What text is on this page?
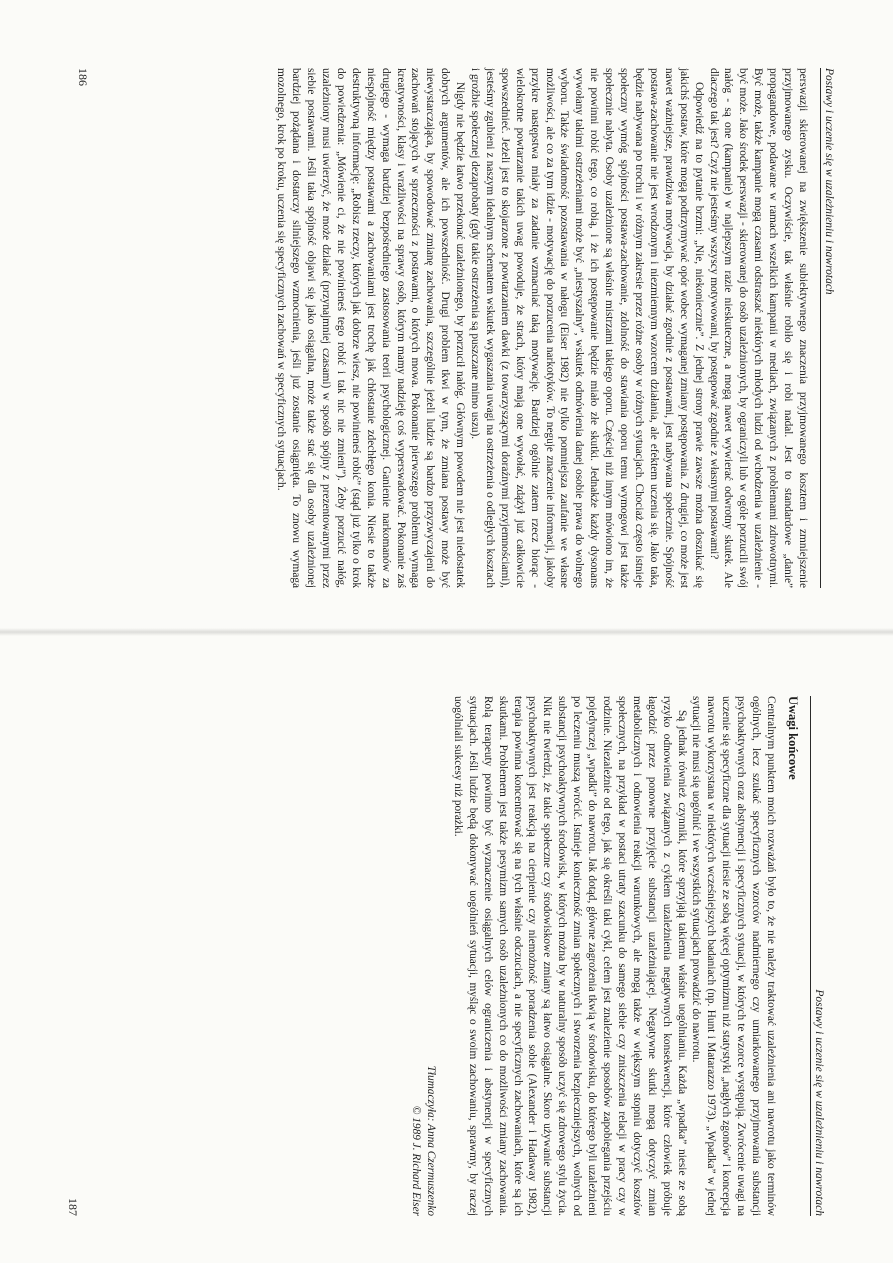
Postawy i uczenie się w uzależnieniu i nawrotach

perswazji skierowanej na zwiększenie subiektywnego znaczenia przyjmowanego kosztem i zmniejszenie przyjmowanego zysku. Oczywiście, tak właśnie robiło się i robi nadal. Jest to standardowe „danie” propagandowe, podawane w ramach wszelkich kampanii w mediach, związanych z problemami zdrowotnymi. Być może, także kampanie mogą czasami odstraszać niektórych młodych ludzi od wchodzenia w uzależnienie - być może. Jako środek perswazji - skierowanej do osób uzależnionych, by ograniczyli lub w ogóle porzucili swój nałóg - są one (kampanie) w najlepszym razie nieskuteczne, a mogą nawet wywierać odwrotny skutek. Ale dlaczego tak jest? Czyż nie jesteśmy wszyscy motywowani, by postępować zgodnie z własnymi postawami?

Odpowiedź na to pytanie brzmi: „Nie, niekoniecznie”. Z jednej strony prawie zawsze można doszukać się jakichś postaw, które mogą podtrzymywać opór wobec wymaganej zmiany postępowania. Z drugiej, co może jest nawet ważniejsze, prawdziwa motywacja, by działać zgodnie z postawami, jest nabywana społecznie. Spójność postawa-zachowanie nie jest wrodzonym i niezmiennym wzorcem działania, ale efektem uczenia się. Jako taka, będzie nabywana po trochu i w różnym zakresie przez różne osoby w różnych sytuacjach. Chociaż często istnieje społeczny wymóg spójności postawa-zachowanie, zdolność do stawiania oporu temu wymogowi jest także społecznie nabyta. Osoby uzależnione są właśnie mistrzami takiego oporu. Częściej niż innym mówiono im, że nie powinni robić tego, co robią, i że ich postępowanie będzie miało złe skutki. Jednakże każdy dysonans wywołany takimi ostrzeżeniami może być „niestyszalny”, wskutek odmówienia danej osobie prawa do wolnego wyboru. Także świadomość pozostawania w nałogu (Eiser 1982) nie tylko pomniejsza zaufanie we własne możliwości, ale co za tym idzie - motywację do porzucenia narkotyków. To neguje znaczenie informacji, jakoby przykre następstwa miały za zadanie wzmacniać taką motywację. Bardziej ogólnie zatem rzecz biorąc - wielokrotne powtarzanie takich uwag powoduje, że strach, który mają one wywołać, zdążył już całkowicie spowszednieć. Jeżeli jest to skojarzone z powtarzaniem dawki (z towarzyszącymi doraźnymi przyjemnościami), jesteśmy zgubieni z naszym idealnym schematem wskutek wygaszania uwagi na ostrzeżenia o odległych kosztach i groźbie społecznej dezaprobaty (gdy takie ostrzeżenia są puszczane mimo uszu).

Nigdy nie będzie łatwo przekonać uzależnionego, by porzucił nałóg. Głównym powodem nie jest niedostatek dobrych argumentów, ale ich powszedniość. Drugi problem tkwi w tym, że zmiana postawy może być niewystarczająca, by spowodować zmianę zachowania, szczególnie jeżeli ludzie są bardzo przyzwyczajeni do zachowań stojących w sprzeczności z postawami, o których mowa. Pokonanie pierwszego problemu wymaga kreatywności, klasy i wrażliwości na sprawy osób, którym mamy nadzieję coś wyperswadować. Pokonanie zaś drugiego - wymaga bardziej bezpośredniego zastosowania teorii psychologicznej. Ganienie narkomanów za niespójność między postawami a zachowaniami jest trochę jak chłostanie zdechłego konia. Niesie to także destruktywną informację: „Robisz rzeczy, których jak dobrze wiesz, nie powinieneś robić” (stąd już tylko o krok do powiedzenia: „Mówienie ci, że nie powinieneś tego robić i tak nic nie zmieni”). Żeby porzucić nałóg, uzależniony musi uwierzyć, że może działać (przynajmniej czasami) w sposób spójny z prezentowanymi przez siebie postawami. Jeśli taka spójność objawi się jako osiągalna, może także stać się dla osoby uzależnionej bardziej pożądana i dostarczy silniejszego wzmocnienia, jeśli już zostanie osiągnięta. To znowu wymaga mozolnego, krok po kroku, uczenia się specyficznych zachowań w specyficznych sytuacjach.

186
Postawy i uczenie się w uzależnieniu i nawrotach
Uwagi końcowe

Centralnym punktem moich rozważań było to, że nie należy traktować uzależnienia ani nawrotu jako terminów ogólnych, lecz szukać specyficznych wzorców nadmiernego czy umiarkowanego przyjmowania substancji psychoaktywnych oraz abstynencji i specyficznych sytuacji, w których te wzorce występują. Zwrócenie uwagi na uczenie się specyficzne dla sytuacji niesie ze sobą więcej optymizmu niż statystyki „nagłych zgonów” i koncepcja nawrotu wykorzystana w niektórych wcześniejszych badaniach (np. Hunt i Matarazzo 1973). „Wpadka” w jednej sytuacji nie musi się uogólnić i we wszystkich sytuacjach prowadzić do nawrotu.

Są jednak również czynniki, które sprzyjają takiemu właśnie uogólnianiu. Każda „wpadka” niesie ze sobą ryzyko odnowienia związanych z cyklem uzależnienia negatywnych konsekwencji, które człowiek próbuje łagodzić przez ponowne przyjęcie substancji uzależniającej. Negatywne skutki mogą dotyczyć zmian metabolicznych i odnowienia reakcji warunkowych, ale mogą także w większym stopniu dotyczyć kosztów społecznych, na przykład w postaci utraty szacunku do samego siebie czy zniszczenia relacji w pracy czy w rodzinie. Niezależnie od tego, jak się określi taki cykl, celem jest znalezienie sposobów zapobiegania przejściu pojedynczej „wpadki” do nawrotu. Jak dotąd, główne zagrożenia tkwią w środowisku, do którego byli uzależnieni po leczeniu muszą wrócić. Istnieje konieczność zmian społecznych i stworzenia bezpieczniejszych, wolnych od substancji psychoaktywnych środowisk, w których można by w naturalny sposób uczyć się zdrowego stylu życia. Nikt nie twierdzi, że takie społeczne czy środowiskowe zmiany są łatwo osiągalne. Skoro używanie substancji psychoaktywnych jest reakcją na cierpienie czy niemożność poradzenia sobie (Alexander i Hadaway 1982), terapia powinna koncentrować się na tych właśnie odczuciach, a nie specyficznych zachowaniach, które są ich skutkami. Problemem jest także pesymizm samych osób uzależnionych co do możliwości zmiany zachowania. Rolą terapeuty powinno być wyznaczenie osiągalnych celów ograniczenia i abstynencji w specyficznych sytuacjach. Jeśli ludzie będą dokonywać uogólnień sytuacji, myśląc o swoim zachowaniu, sprawmy, by raczej uogólniali sukcesy niż porażki.

Tłumaczyła: Anna Czermuszenko
© 1989 J. Richard Eiser
187
